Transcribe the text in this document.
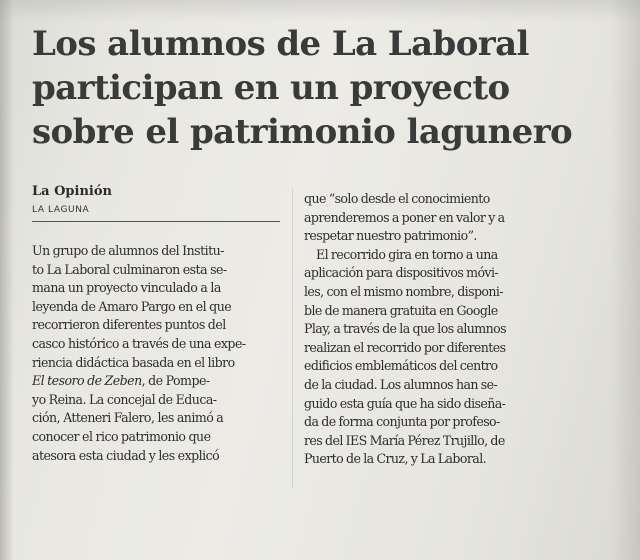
Los alumnos de La Laboral
participan en un proyecto
sobre el patrimonio lagunero
La Opinión
LA LAGUNA
Un grupo de alumnos del Institu-
to La Laboral culminaron esta se-
mana un proyecto vinculado a la
leyenda de Amaro Pargo en el que
recorrieron diferentes puntos del
casco histórico a través de una expe-
riencia didáctica basada en el libro
El tesoro de Zeben, de Pompe-
yo Reina. La concejal de Educa-
ción, Atteneri Falero, les animó a
conocer el rico patrimonio que
atesora esta ciudad y les explicó
que “solo desde el conocimiento
aprenderemos a poner en valor y a
respetar nuestro patrimonio”.
El recorrido gira en torno a una
aplicación para dispositivos móvi-
les, con el mismo nombre, disponi-
ble de manera gratuita en Google
Play, a través de la que los alumnos
realizan el recorrido por diferentes
edificios emblemáticos del centro
de la ciudad. Los alumnos han se-
guido esta guía que ha sido diseña-
da de forma conjunta por profeso-
res del IES María Pérez Trujillo, de
Puerto de la Cruz, y La Laboral.
